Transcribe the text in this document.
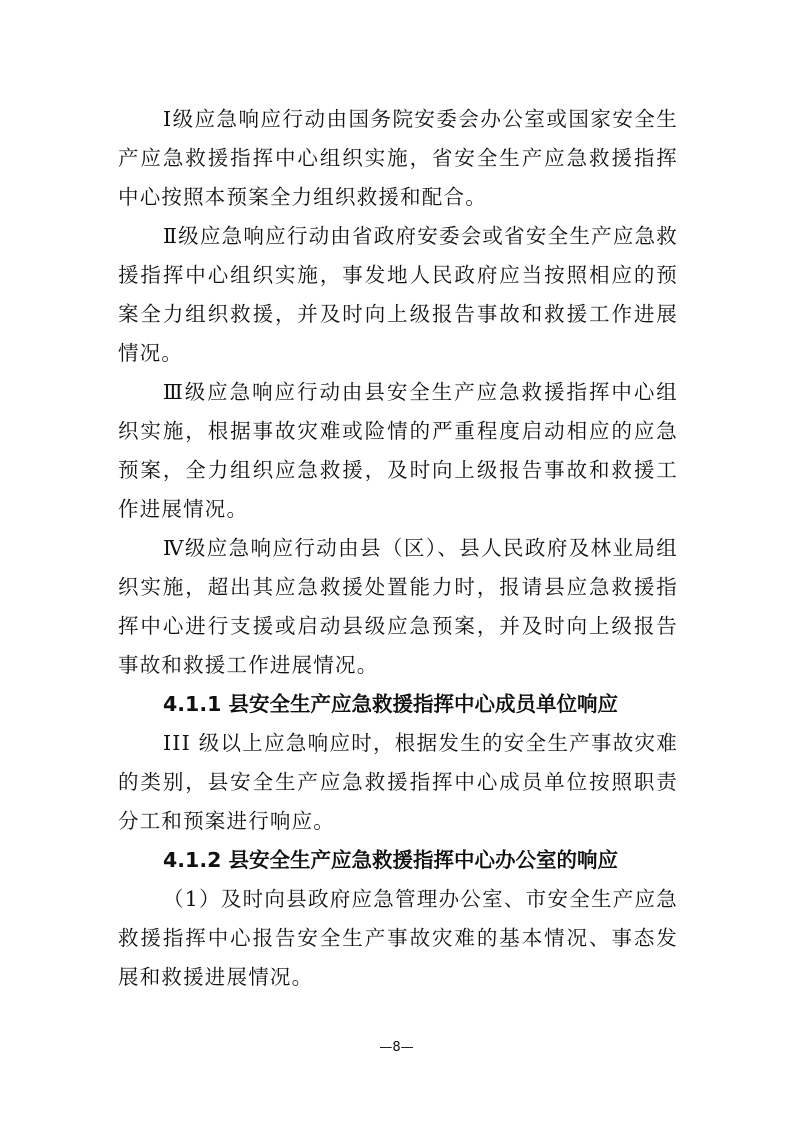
Ⅰ级应急响应行动由国务院安委会办公室或国家安全生产应急救援指挥中心组织实施，省安全生产应急救援指挥中心按照本预案全力组织救援和配合。

Ⅱ级应急响应行动由省政府安委会或省安全生产应急救援指挥中心组织实施，事发地人民政府应当按照相应的预案全力组织救援，并及时向上级报告事故和救援工作进展情况。

Ⅲ级应急响应行动由县安全生产应急救援指挥中心组织实施，根据事故灾难或险情的严重程度启动相应的应急预案，全力组织应急救援，及时向上级报告事故和救援工作进展情况。

Ⅳ级应急响应行动由县（区）、县人民政府及林业局组织实施，超出其应急救援处置能力时，报请县应急救援指挥中心进行支援或启动县级应急预案，并及时向上级报告事故和救援工作进展情况。

4.1.1 县安全生产应急救援指挥中心成员单位响应

III 级以上应急响应时，根据发生的安全生产事故灾难的类别，县安全生产应急救援指挥中心成员单位按照职责分工和预案进行响应。

4.1.2 县安全生产应急救援指挥中心办公室的响应

（1）及时向县政府应急管理办公室、市安全生产应急救援指挥中心报告安全生产事故灾难的基本情况、事态发展和救援进展情况。

—8—
